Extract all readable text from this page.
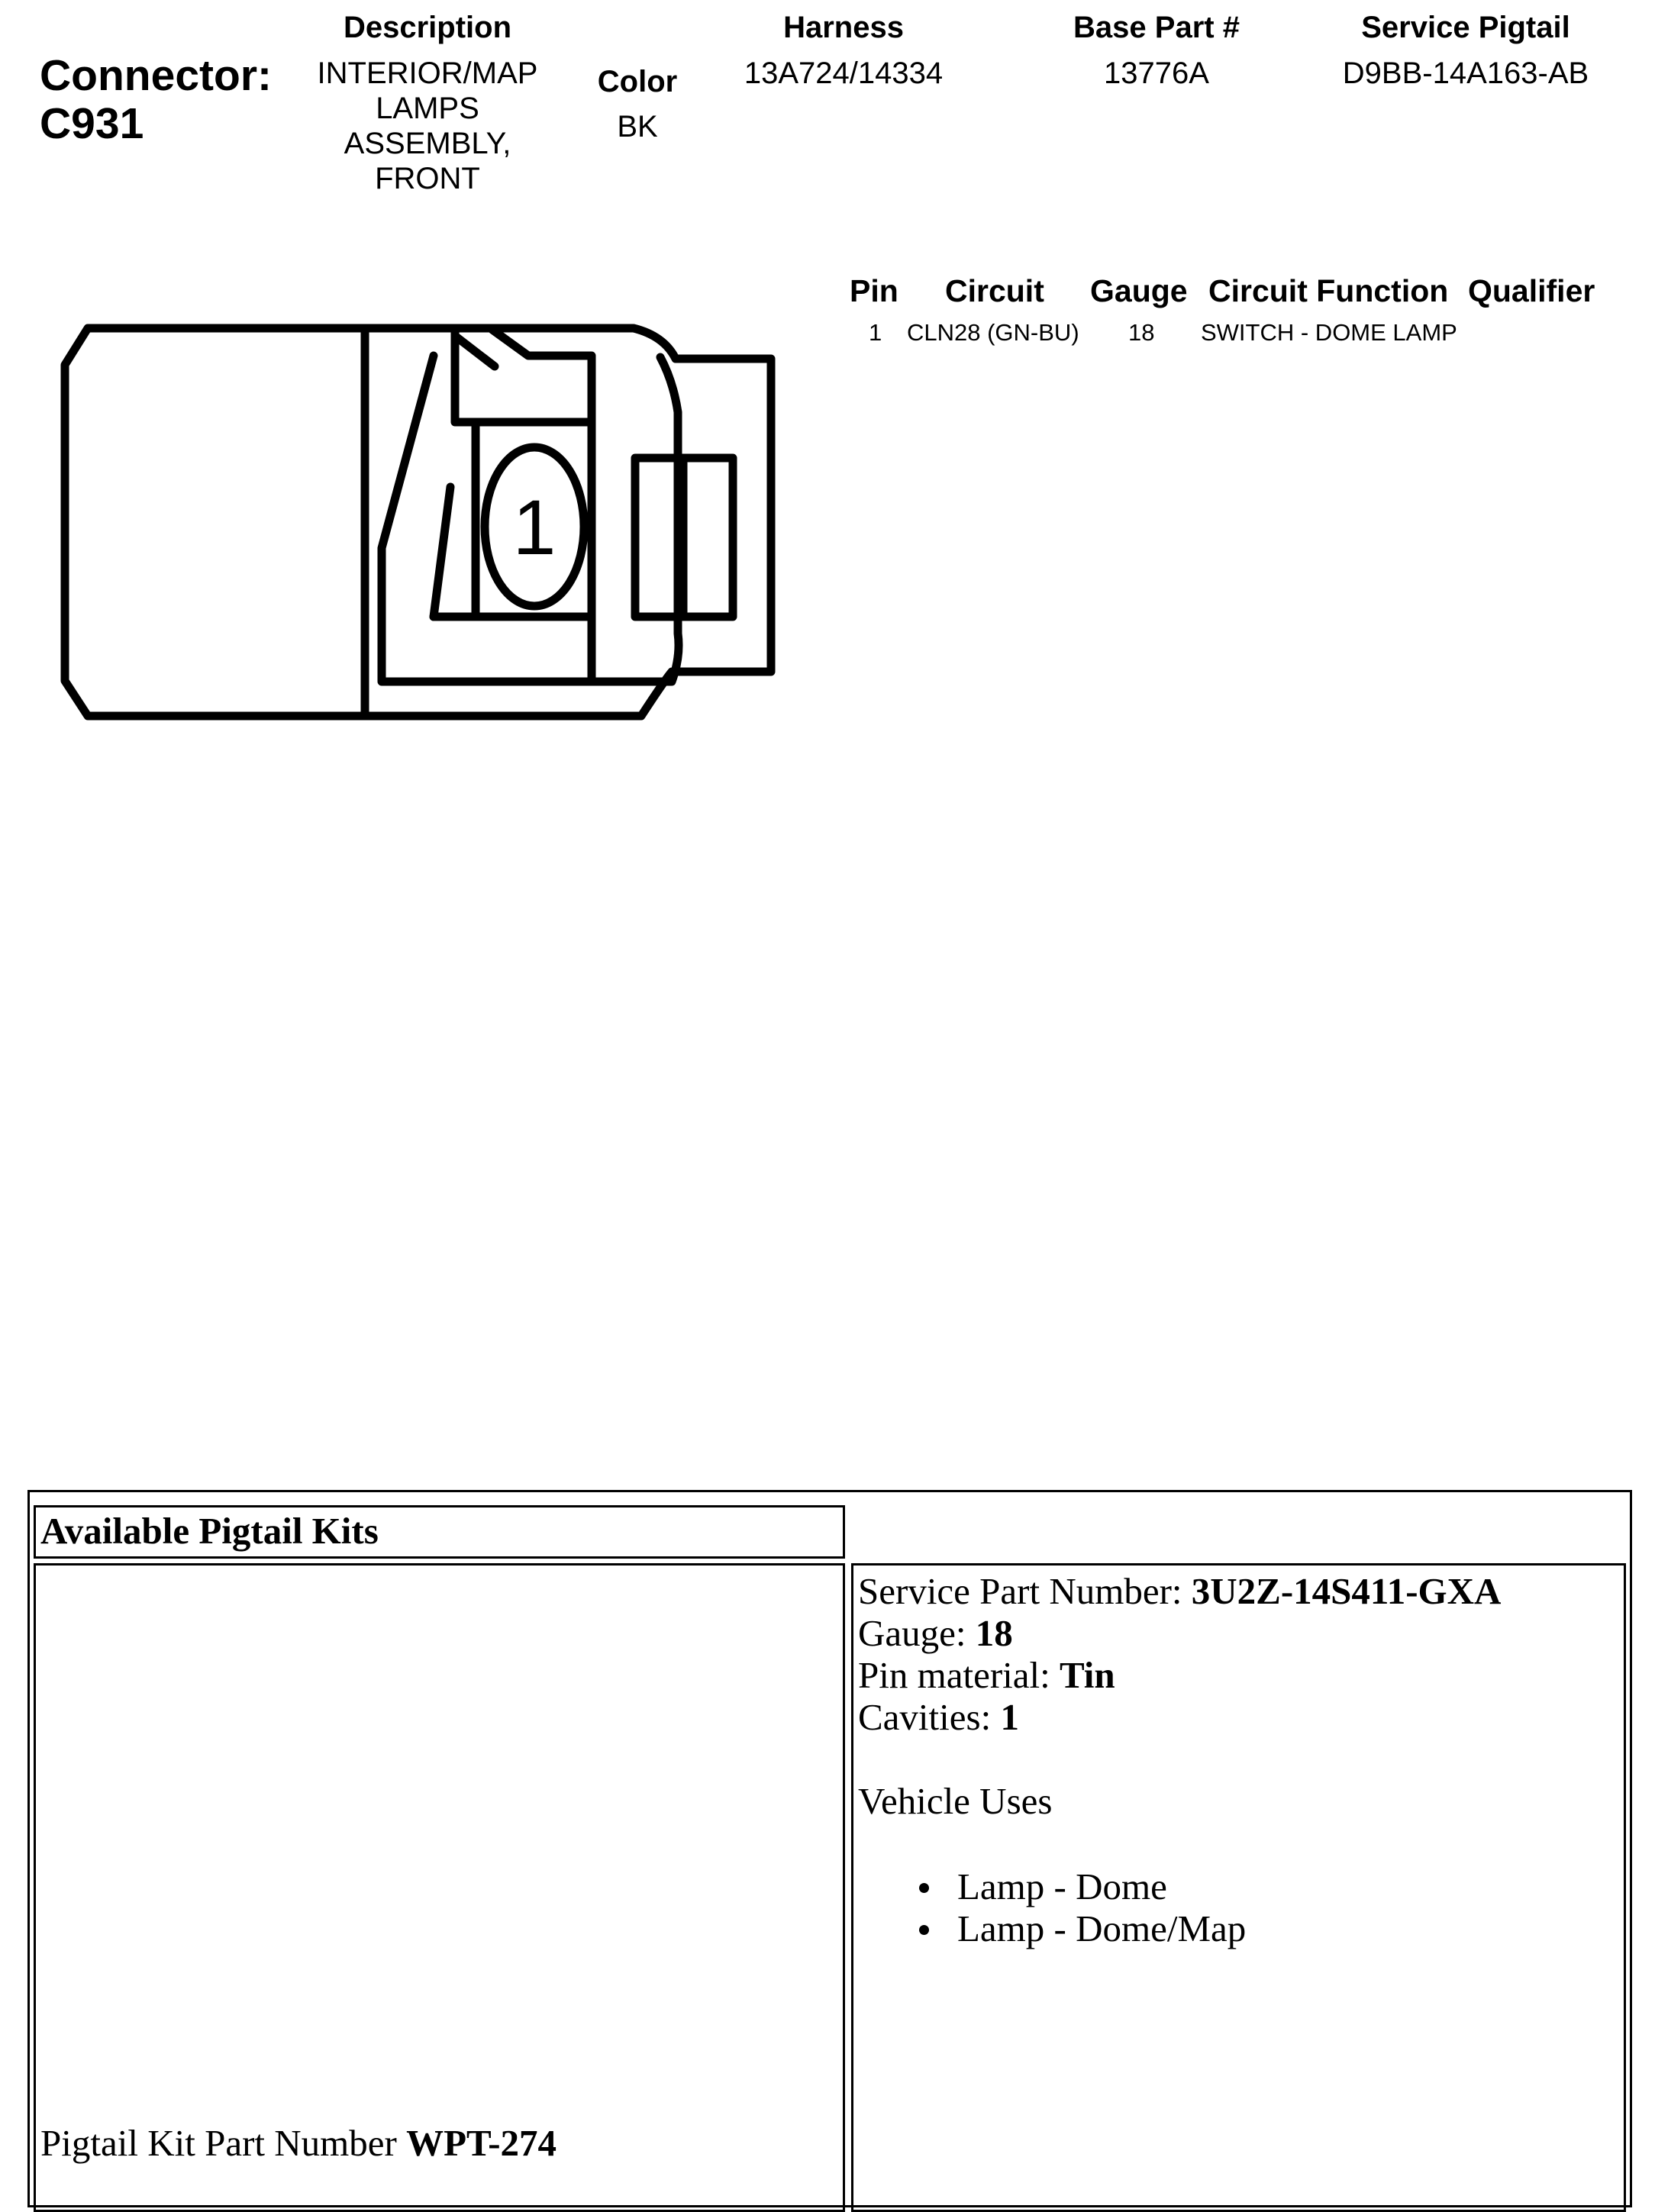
Connector:
C931
Description
INTERIOR/MAP LAMPS ASSEMBLY, FRONT
Color
BK
Harness
13A724/14334
Base Part #
13776A
Service Pigtail
D9BB-14A163-AB
Pin Circuit Gauge Circuit Function Qualifier
1 CLN28 (GN-BU) 18 SWITCH - DOME LAMP
1
Available Pigtail Kits
Pigtail Kit Part Number WPT-274
Service Part Number: 3U2Z-14S411-GXA
Gauge: 18
Pin material: Tin
Cavities: 1
Vehicle Uses
Lamp - Dome
Lamp - Dome/Map
